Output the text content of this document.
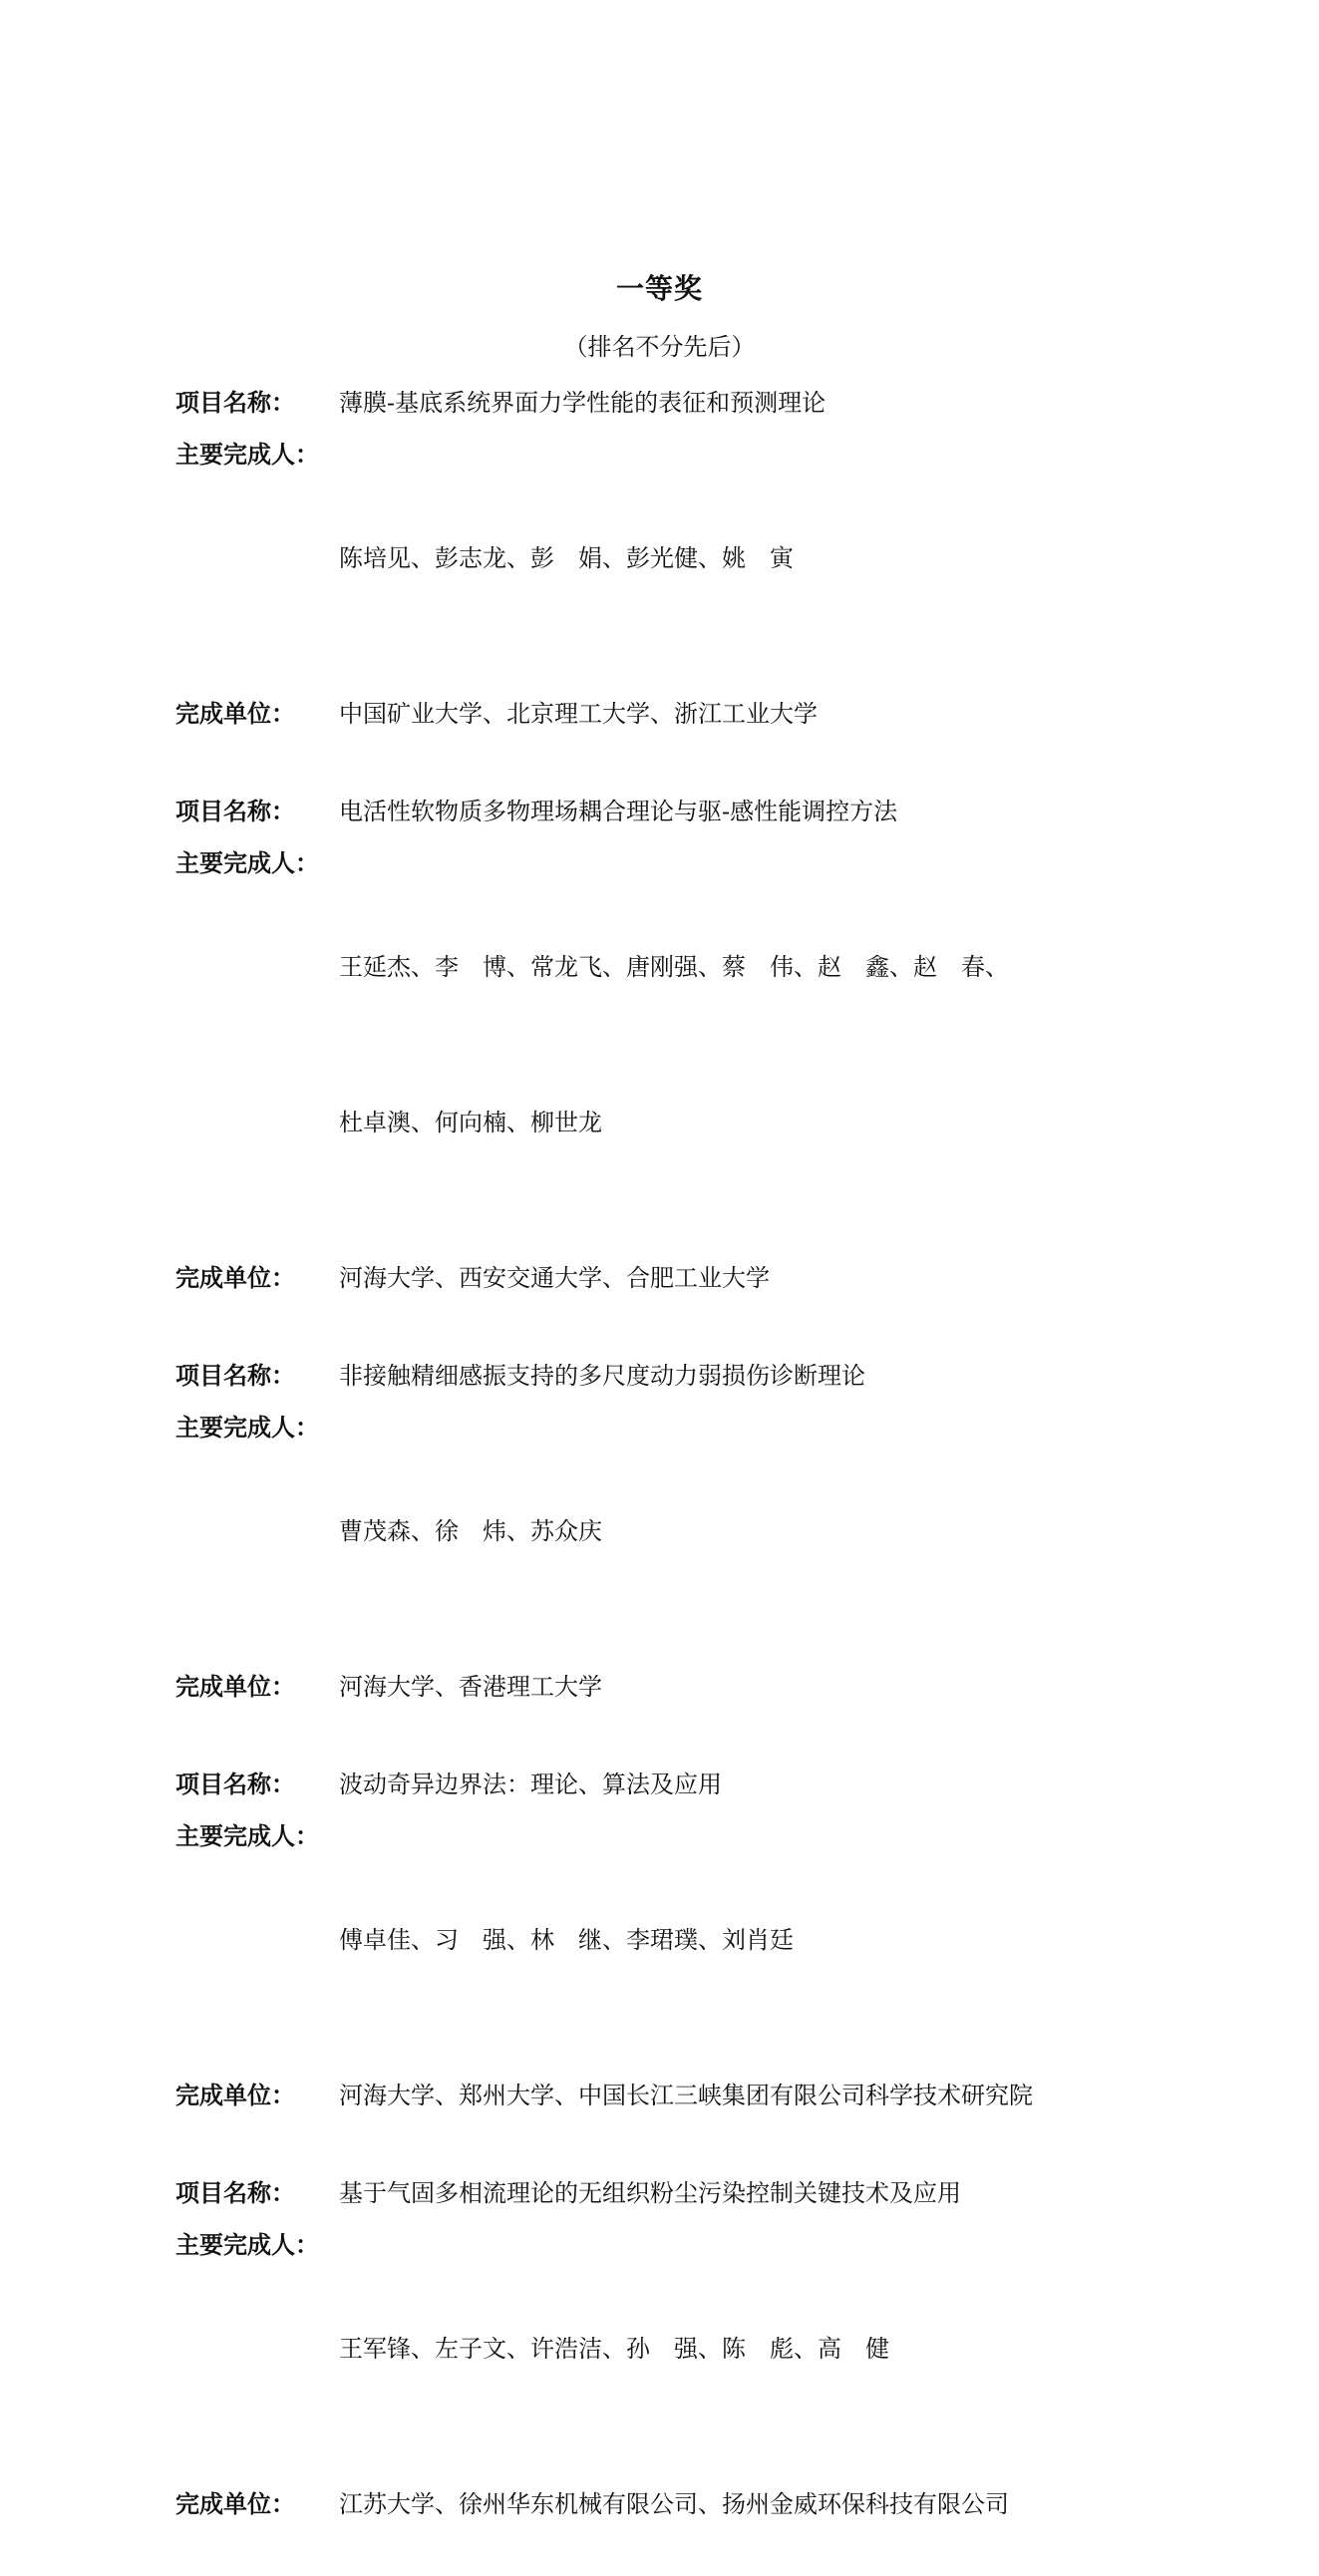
一等奖
（排名不分先后）
项目名称：	薄膜-基底系统界面力学性能的表征和预测理论
主要完成人：

陈培见、彭志龙、彭　娟、彭光健、姚　寅

完成单位：	中国矿业大学、北京理工大学、浙江工业大学
项目名称：	电活性软物质多物理场耦合理论与驱-感性能调控方法
主要完成人：

王延杰、李　博、常龙飞、唐刚强、蔡　伟、赵　鑫、赵　春、

杜卓澳、何向楠、柳世龙

完成单位：	河海大学、西安交通大学、合肥工业大学
项目名称：	非接触精细感振支持的多尺度动力弱损伤诊断理论
主要完成人：

曹茂森、徐　炜、苏众庆

完成单位：	河海大学、香港理工大学
项目名称：	波动奇异边界法：理论、算法及应用
主要完成人：

傅卓佳、习　强、林　继、李珺璞、刘肖廷

完成单位：	河海大学、郑州大学、中国长江三峡集团有限公司科学技术研究院
项目名称：	基于气固多相流理论的无组织粉尘污染控制关键技术及应用
主要完成人：

王军锋、左子文、许浩洁、孙　强、陈　彪、高　健

完成单位：	江苏大学、徐州华东机械有限公司、扬州金威环保科技有限公司
